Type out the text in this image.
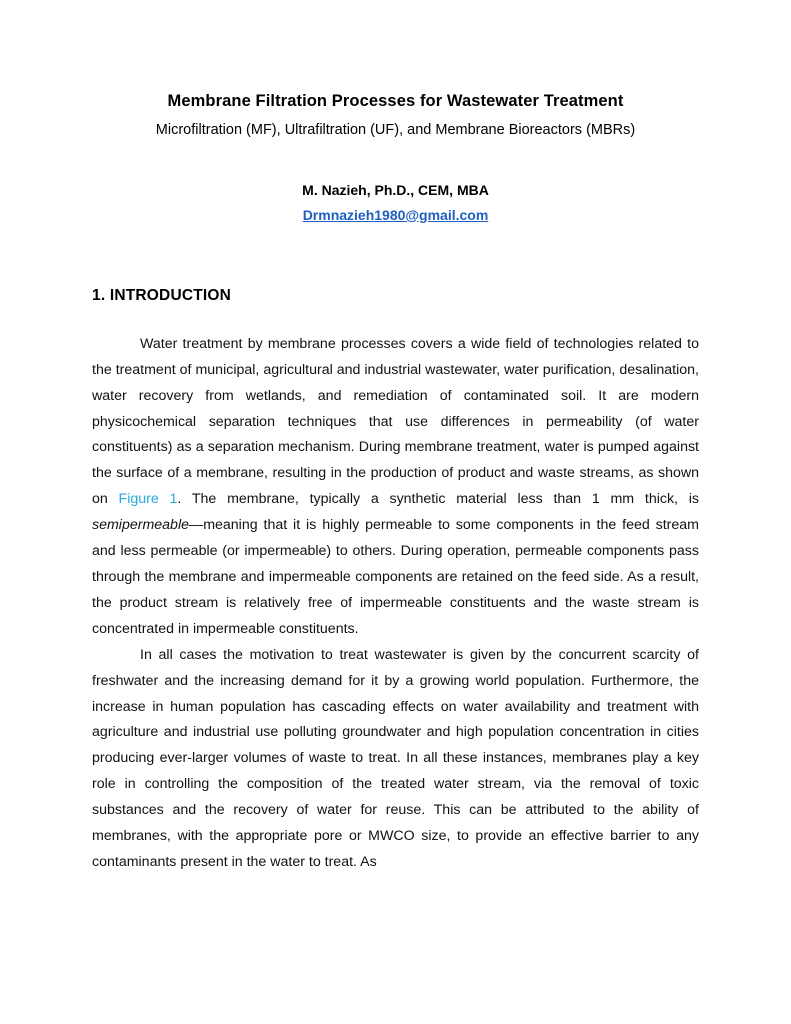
Membrane Filtration Processes for Wastewater Treatment
Microfiltration (MF), Ultrafiltration (UF), and Membrane Bioreactors (MBRs)

M. Nazieh, Ph.D., CEM, MBA

Drmnazieh1980@gmail.com
1. INTRODUCTION

Water treatment by membrane processes covers a wide field of technologies related to the treatment of municipal, agricultural and industrial wastewater, water purification, desalination, water recovery from wetlands, and remediation of contaminated soil. It are modern physicochemical separation techniques that use differences in permeability (of water constituents) as a separation mechanism. During membrane treatment, water is pumped against the surface of a membrane, resulting in the production of product and waste streams, as shown on Figure 1. The membrane, typically a synthetic material less than 1 mm thick, is semipermeable—meaning that it is highly permeable to some components in the feed stream and less permeable (or impermeable) to others. During operation, permeable components pass through the membrane and impermeable components are retained on the feed side. As a result, the product stream is relatively free of impermeable constituents and the waste stream is concentrated in impermeable constituents.

In all cases the motivation to treat wastewater is given by the concurrent scarcity of freshwater and the increasing demand for it by a growing world population. Furthermore, the increase in human population has cascading effects on water availability and treatment with agriculture and industrial use polluting groundwater and high population concentration in cities producing ever-larger volumes of waste to treat. In all these instances, membranes play a key role in controlling the composition of the treated water stream, via the removal of toxic substances and the recovery of water for reuse. This can be attributed to the ability of membranes, with the appropriate pore or MWCO size, to provide an effective barrier to any contaminants present in the water to treat. As
